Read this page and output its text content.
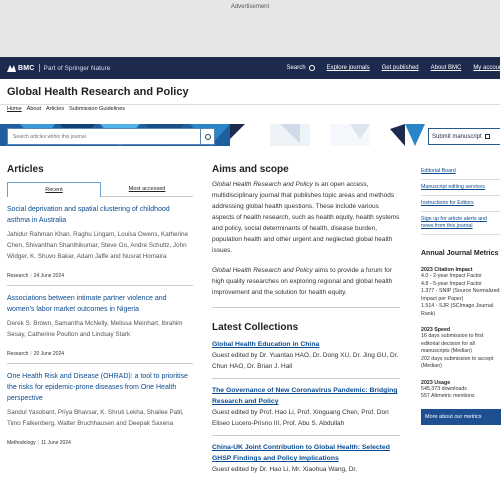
Advertisement
BMC Part of Springer Nature	Search	Explore journals Get published About BMC My account
Global Health Research and Policy
Home About Articles Submission Guidelines
Search articles within this journal
Submit manuscript
Articles
Recent	Most accessed
Social deprivation and spatial clustering of childhood asthma in Australia
Jahidur Rahman Khan, Raghu Lingam, Louisa Owens, Katherine Chen, Shivanthan Shanthikumar, Steve Oo, Andre Schultz, John Widger, K. Shuvo Bakar, Adam Jaffe and Nusrat Homaira
Research | 24 June 2024
Associations between intimate partner violence and women's labor market outcomes in Nigeria
Derek S. Brown, Samantha McNelly, Melissa Meinhart, Ibrahim Sesay, Catherine Poulton and Lindsay Stark
Research | 20 June 2024
One Health Risk and Disease (OHRAD): a tool to prioritise the risks for epidemic-prone diseases from One Health perspective
Sandul Yasobant, Priya Bhavsar, K. Shruti Lekha, Shailee Patil, Timo Falkenberg, Walter Bruchhausen and Deepak Saxena
Methodology | 11 June 2024
Aims and scope

Global Health Research and Policy is an open access, multidisciplinary journal that publishes topic areas and methods addressing global health questions. These include various aspects of health research, such as health equity, health systems and policy, social determinants of health, disease burden, population health and other urgent and neglected global health issues.

Global Health Research and Policy aims to provide a forum for high quality researches on exploring regional and global health improvement and the solution for health equity.

Latest Collections
Global Health Education in China
Guest edited by Dr. Yuantao HAO, Dr. Dong XU, Dr. Jing GU, Dr. Chun HAO, Dr. Brian J. Hall
The Governance of New Coronavirus Pandemic: Bridging Research and Policy
Guest edited by Prof. Hao Li, Prof. Xinguang Chen, Prof. Don Eliseo Lucero-Prisno III, Prof. Abu S. Abdullah
China-UK Joint Contribution to Global Health: Selected GHSP Findings and Policy Implications
Guest edited by Dr. Hao Li, Mr. Xiaohua Wang, Dr.
Editorial Board
Manuscript editing services
Instructions for Editors
Sign up for article alerts and news from this journal
Annual Journal Metrics
2023 Citation Impact
4.0 - 2-year Impact Factor
4.8 - 5-year Impact Factor
1.377 - SNIP (Source Normalized Impact per Paper)
1.514 - SJR (SCImago Journal Rank)
2023 Speed
16 days submission to first editorial decision for all manuscripts (Median)
202 days submission to accept (Median)
2023 Usage
545,373 downloads
557 Altmetric mentions
More about our metrics
